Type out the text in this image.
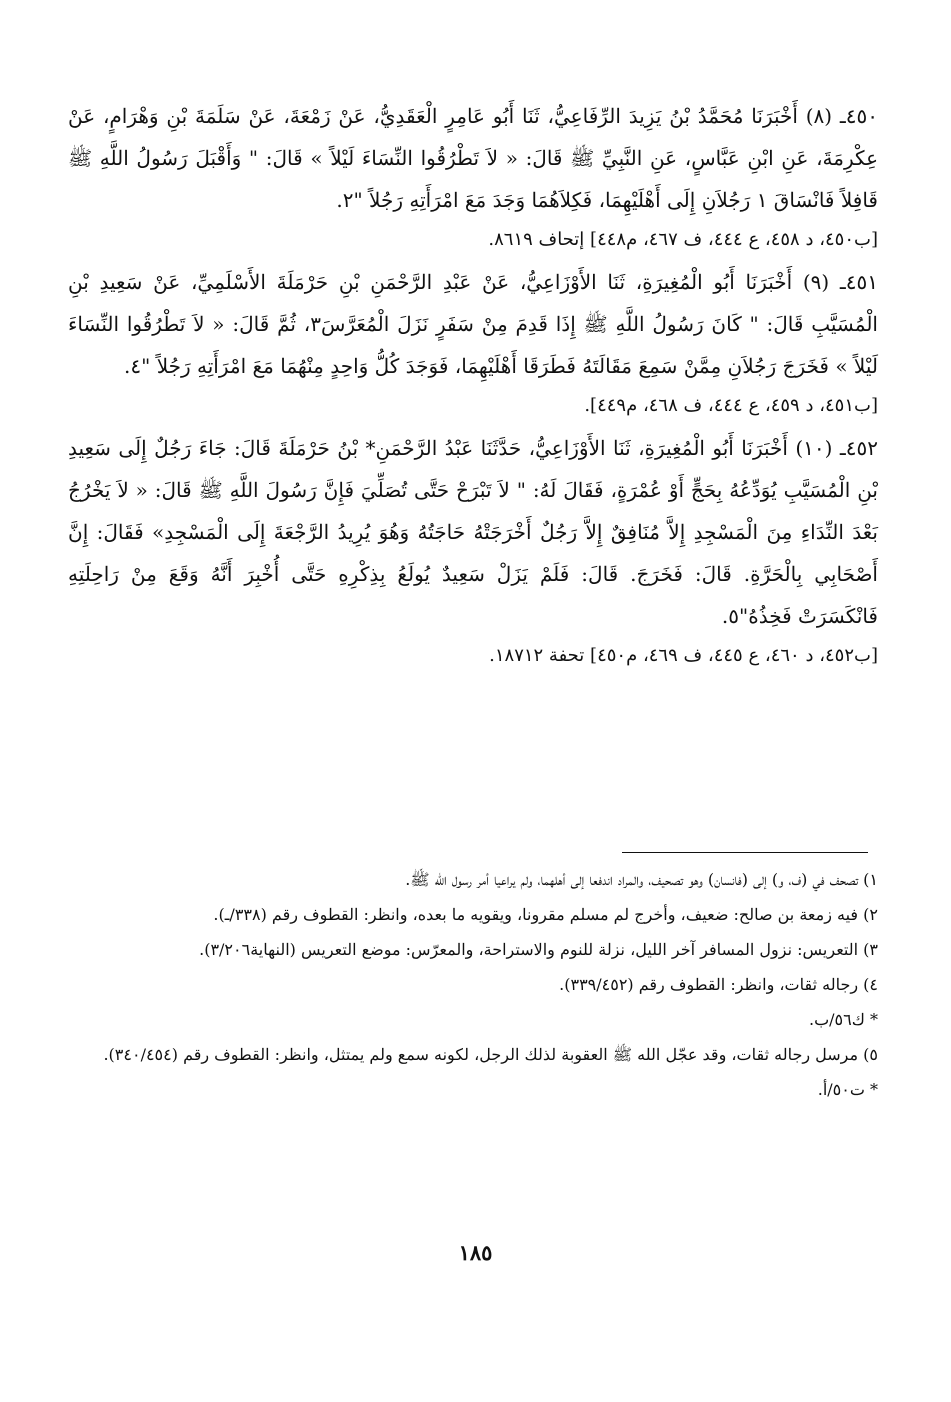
٤٥٠ـ (٨) أَخْبَرَنَا مُحَمَّدُ بْنُ يَزِيدَ الرِّفَاعِيُّ، ثَنَا أَبُو عَامِرٍ الْعَقَدِيُّ، عَنْ زَمْعَةَ، عَنْ سَلَمَةَ بْنِ وَهْرَامٍ، عَنْ عِكْرِمَةَ، عَنِ ابْنِ عَبَّاسٍ، عَنِ النَّبِيِّ ﷺ قَالَ: « لاَ تَطْرُقُوا النِّسَاءَ لَيْلاً » قَالَ: " وَأَقْبَلَ رَسُولُ اللَّهِ ﷺ قَافِلاً فَانْسَاقَ ١ رَجُلاَنِ إِلَى أَهْلَيْهِمَا، فَكِلاَهُمَا وَجَدَ مَعَ امْرَأَتِهِ رَجُلاً "٢.

[ب٤٥٠، د ٤٥٨، ع ٤٤٤، ف ٤٦٧، م٤٤٨] إتحاف ٨٦١٩.

٤٥١ـ (٩) أَخْبَرَنَا أَبُو الْمُغِيرَةِ، ثَنَا الأَوْزَاعِيُّ، عَنْ عَبْدِ الرَّحْمَنِ بْنِ حَرْمَلَةَ الأَسْلَمِيِّ، عَنْ سَعِيدِ بْنِ الْمُسَيَّبِ قَالَ: " كَانَ رَسُولُ اللَّهِ ﷺ إِذَا قَدِمَ مِنْ سَفَرٍ نَزَلَ الْمُعَرَّسَ٣، ثُمَّ قَالَ: « لاَ تَطْرُقُوا النِّسَاءَ لَيْلاً » فَخَرَجَ رَجُلاَنِ مِمَّنْ سَمِعَ مَقَالَتَهُ فَطَرَقَا أَهْلَيْهِمَا، فَوَجَدَ كُلُّ وَاحِدٍ مِنْهُمَا مَعَ امْرَأَتِهِ رَجُلاً "٤.

[ب٤٥١، د ٤٥٩، ع ٤٤٤، ف ٤٦٨، م٤٤٩].

٤٥٢ـ (١٠) أَخْبَرَنَا أَبُو الْمُغِيرَةِ، ثَنَا الأَوْزَاعِيُّ، حَدَّثَنَا عَبْدُ الرَّحْمَنِ* بْنُ حَرْمَلَةَ قَالَ: جَاءَ رَجُلٌ إِلَى سَعِيدِ بْنِ الْمُسَيَّبِ يُوَدِّعُهُ بِحَجٍّ أَوْ عُمْرَةٍ، فَقَالَ لَهُ: " لاَ تَبْرَحْ حَتَّى تُصَلِّيَ فَإِنَّ رَسُولَ اللَّهِ ﷺ قَالَ: « لاَ يَخْرُجُ بَعْدَ النِّدَاءِ مِنَ الْمَسْجِدِ إِلاَّ مُنَافِقٌ إِلاَّ رَجُلٌ أَخْرَجَتْهُ حَاجَتُهُ وَهُوَ يُرِيدُ الرَّجْعَةَ إِلَى الْمَسْجِدِ» فَقَالَ: إِنَّ أَصْحَابِي بِالْحَرَّةِ. قَالَ: فَخَرَجَ. قَالَ: فَلَمْ يَزَلْ سَعِيدٌ يُولَعُ بِذِكْرِهِ حَتَّى أُخْبِرَ أَنَّهُ وَقَعَ مِنْ رَاحِلَتِهِ فَانْكَسَرَتْ فَخِذُهُ"٥.

[ب٤٥٢، د ٤٦٠، ع ٤٤٥، ف ٤٦٩، م٤٥٠] تحفة ١٨٧١٢.

١) تصحف في (ف، و) إلى (فانسان) وهو تصحيف، والمراد اندفعا إلى أهلهما، ولم يراعيا أمر رسول الله ﷺ.

٢) فيه زمعة بن صالح: ضعيف، وأخرج لم مسلم مقرونا، ويقويه ما بعده، وانظر: القطوف رقم (٣٣٨/ـ).

٣) التعريس: نزول المسافر آخر الليل، نزلة للنوم والاستراحة، والمعرّس: موضع التعريس (النهاية٣/٢٠٦).

٤) رجاله ثقات، وانظر: القطوف رقم (٣٣٩/٤٥٢).

* ك٥٦/ب.

٥) مرسل رجاله ثقات، وقد عجّل الله ﷺ العقوبة لذلك الرجل، لكونه سمع ولم يمتثل، وانظر: القطوف رقم (٣٤٠/٤٥٤).

* ت٥٠/أ.

١٨٥
